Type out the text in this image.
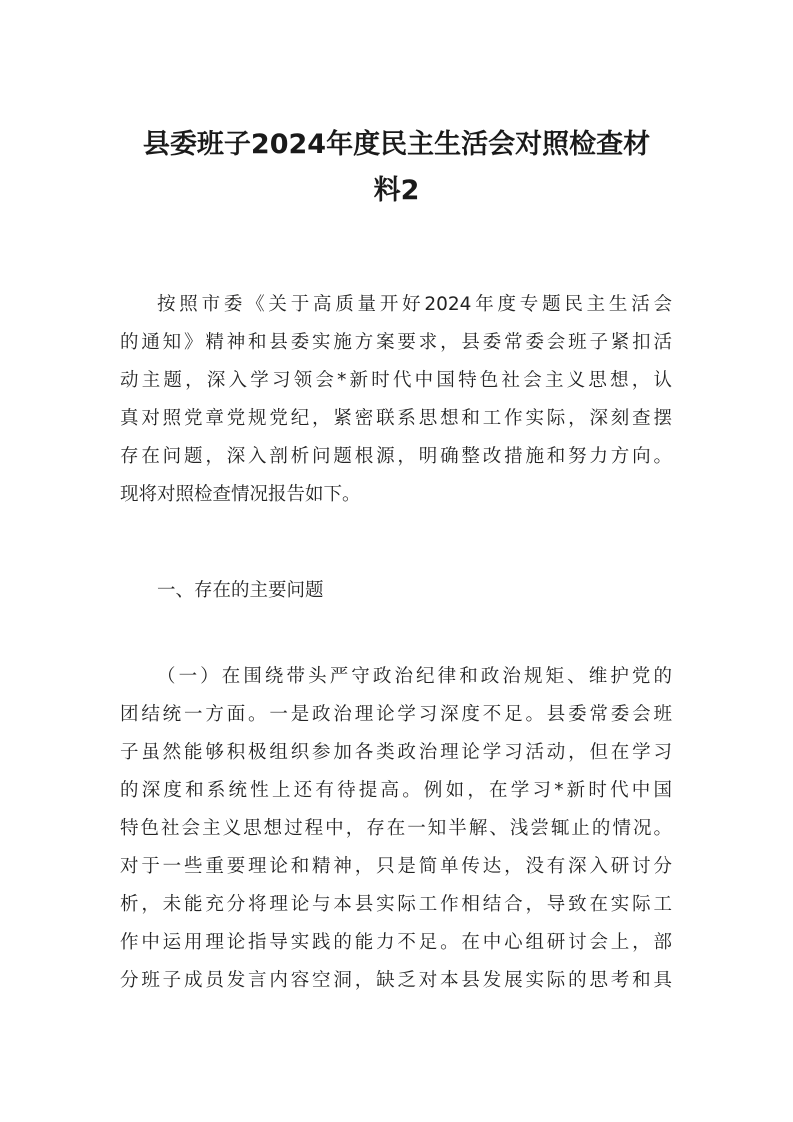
县委班子2024年度民主生活会对照检查材
料2

按照市委《关于高质量开好2024年度专题民主生活会

的通知》精神和县委实施方案要求，县委常委会班子紧扣活

动主题，深入学习领会*新时代中国特色社会主义思想，认

真对照党章党规党纪，紧密联系思想和工作实际，深刻查摆

存在问题，深入剖析问题根源，明确整改措施和努力方向。

现将对照检查情况报告如下。

一、存在的主要问题

（一）在围绕带头严守政治纪律和政治规矩、维护党的

团结统一方面。一是政治理论学习深度不足。县委常委会班

子虽然能够积极组织参加各类政治理论学习活动，但在学习

的深度和系统性上还有待提高。例如，在学习*新时代中国

特色社会主义思想过程中，存在一知半解、浅尝辄止的情况。

对于一些重要理论和精神，只是简单传达，没有深入研讨分

析，未能充分将理论与本县实际工作相结合，导致在实际工

作中运用理论指导实践的能力不足。在中心组研讨会上，部

分班子成员发言内容空洞，缺乏对本县发展实际的思考和具
